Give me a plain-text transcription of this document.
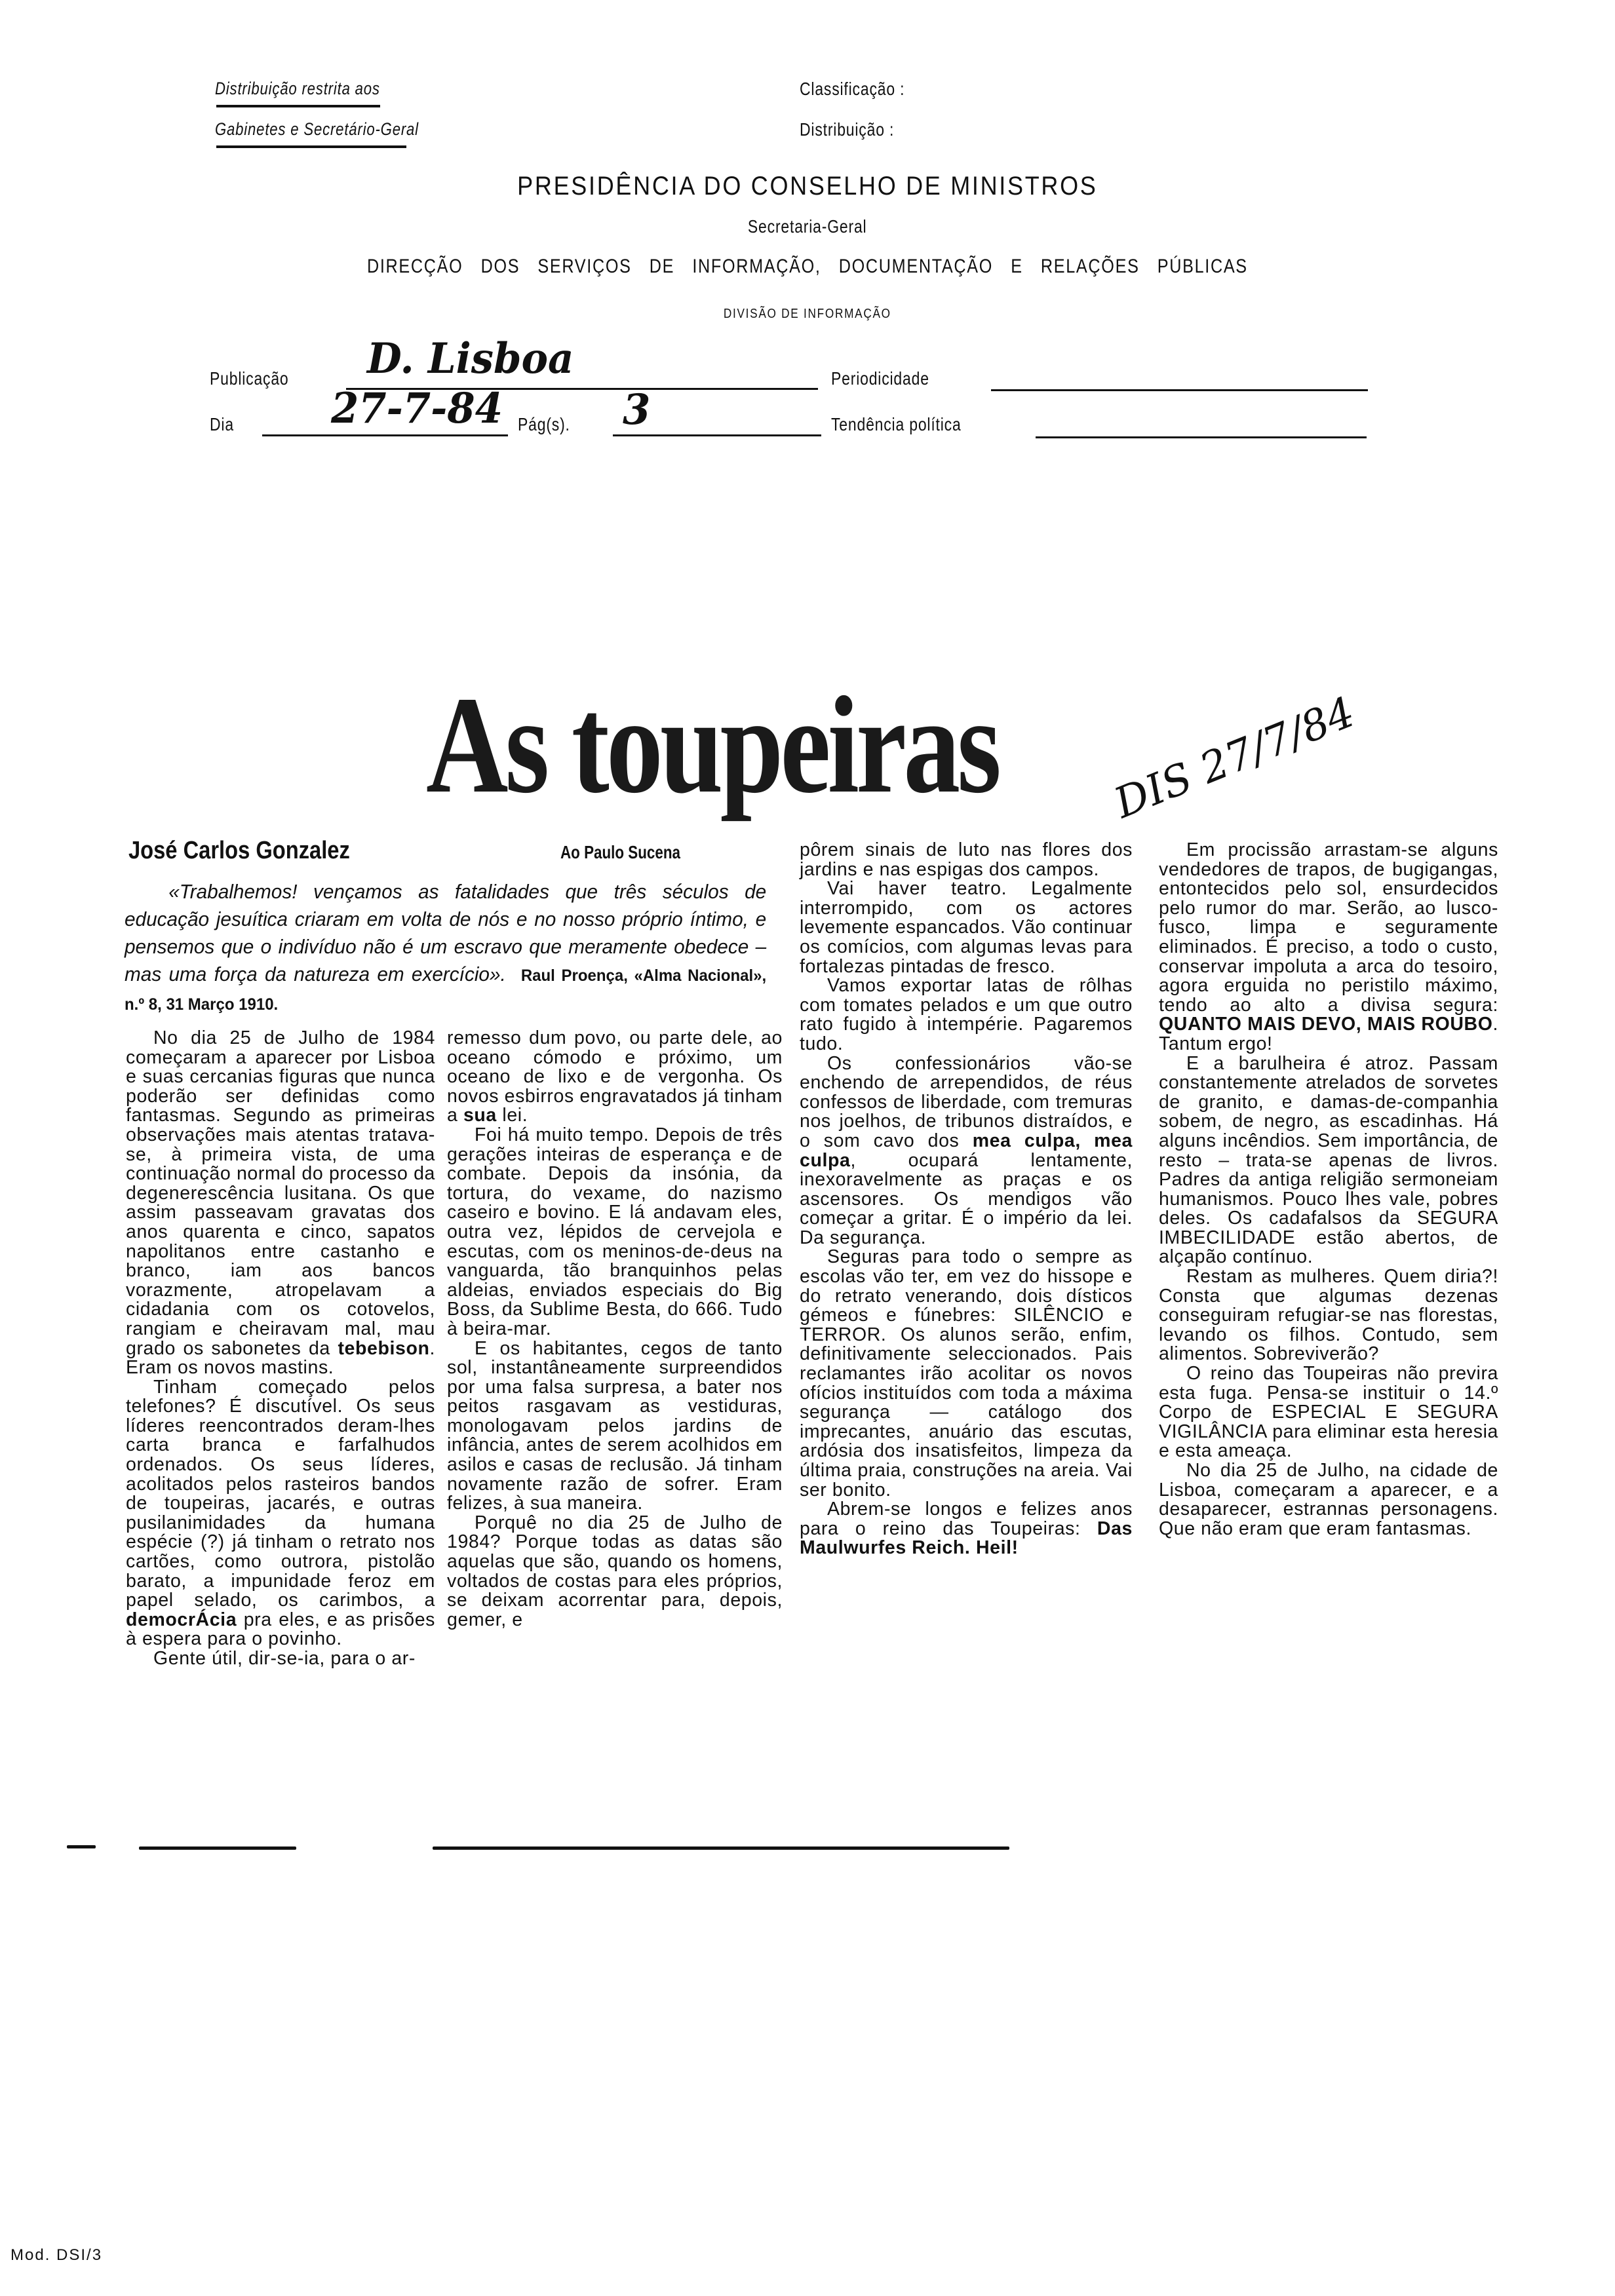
Distribuição restrita aos
Gabinetes e Secretário-Geral
Classificação :
Distribuição :
PRESIDÊNCIA DO CONSELHO DE MINISTROS
Secretaria-Geral
DIRECÇÃO DOS SERVIÇOS DE INFORMAÇÃO, DOCUMENTAÇÃO E RELAÇÕES PÚBLICAS
DIVISÃO DE INFORMAÇÃO
Publicação D. Lisboa	Periodicidade
Dia 27-7-84 Pág(s). 3	Tendência política
As toupeiras	DIS 27/7/84
José Carlos Gonzalez	Ao Paulo Sucena
«Trabalhemos! vençamos as fatalidades que três séculos de educação jesuítica criaram em volta de nós e no nosso próprio íntimo, e pensemos que o indivíduo não é um escravo que meramente obedece – mas uma força da natureza em exercício». Raul Proença, «Alma Nacional», n.º 8, 31 Março 1910.

No dia 25 de Julho de 1984 começaram a aparecer por Lisboa e suas cercanias figuras que nunca poderão ser definidas como fantasmas. Segundo as primeiras observações mais atentas tratava-se, à primeira vista, de uma continuação normal do processo da degenerescência lusitana. Os que assim passeavam gravatas dos anos quarenta e cinco, sapatos napolitanos entre castanho e branco, iam aos bancos vorazmente, atropelavam a cidadania com os cotovelos, rangiam e cheiravam mal, mau grado os sabonetes da tebebison. Eram os novos mastins.

Tinham começado pelos telefones? É discutível. Os seus líderes reencontrados deram-lhes carta branca e farfalhudos ordenados. Os seus líderes, acolitados pelos rasteiros bandos de toupeiras, jacarés, e outras pusilanimidades da humana espécie (?) já tinham o retrato nos cartões, como outrora, pistolão barato, a impunidade feroz em papel selado, os carimbos, a democrÁcia pra eles, e as prisões à espera para o povinho.

Gente útil, dir-se-ia, para o ar-

remesso dum povo, ou parte dele, ao oceano cómodo e próximo, um oceano de lixo e de vergonha. Os novos esbirros engravatados já tinham a sua lei.

Foi há muito tempo. Depois de três gerações inteiras de esperança e de combate. Depois da insónia, da tortura, do vexame, do nazismo caseiro e bovino. E lá andavam eles, outra vez, lépidos de cervejola e escutas, com os meninos-de-deus na vanguarda, tão branquinhos pelas aldeias, enviados especiais do Big Boss, da Sublime Besta, do 666. Tudo à beira-mar.

E os habitantes, cegos de tanto sol, instantâneamente surpreendidos por uma falsa surpresa, a bater nos peitos rasgavam as vestiduras, monologavam pelos jardins de infância, antes de serem acolhidos em asilos e casas de reclusão. Já tinham novamente razão de sofrer. Eram felizes, à sua maneira.

Porquê no dia 25 de Julho de 1984? Porque todas as datas são aquelas que são, quando os homens, voltados de costas para eles próprios, se deixam acorrentar para, depois, gemer, e

pôrem sinais de luto nas flores dos jardins e nas espigas dos campos.

Vai haver teatro. Legalmente interrompido, com os actores levemente espancados. Vão continuar os comícios, com algumas levas para fortalezas pintadas de fresco.

Vamos exportar latas de rôlhas com tomates pelados e um que outro rato fugido à intempérie. Pagaremos tudo.

Os confessionários vão-se enchendo de arrependidos, de réus confessos de liberdade, com tremuras nos joelhos, de tribunos distraídos, e o som cavo dos mea culpa, mea culpa, ocupará lentamente, inexoravelmente as praças e os ascensores. Os mendigos vão começar a gritar. É o império da lei. Da segurança.

Seguras para todo o sempre as escolas vão ter, em vez do hissope e do retrato venerando, dois dísticos gémeos e fúnebres: SILÊNCIO e TERROR. Os alunos serão, enfim, definitivamente seleccionados. Pais reclamantes irão acolitar os novos ofícios instituídos com toda a máxima segurança — catálogo dos imprecantes, anuário das escutas, ardósia dos insatisfeitos, limpeza da última praia, construções na areia. Vai ser bonito.

Abrem-se longos e felizes anos para o reino das Toupeiras: Das Maulwurfes Reich. Heil!

Em procissão arrastam-se alguns vendedores de trapos, de bugigangas, entontecidos pelo sol, ensurdecidos pelo rumor do mar. Serão, ao lusco-fusco, limpa e seguramente eliminados. É preciso, a todo o custo, conservar impoluta a arca do tesoiro, agora erguida no peristilo máximo, tendo ao alto a divisa segura: QUANTO MAIS DEVO, MAIS ROUBO. Tantum ergo!

E a barulheira é atroz. Passam constantemente atrelados de sorvetes de granito, e damas-de-companhia sobem, de negro, as escadinhas. Há alguns incêndios. Sem importância, de resto – trata-se apenas de livros. Padres da antiga religião sermoneiam humanismos. Pouco lhes vale, pobres deles. Os cadafalsos da SEGURA IMBECILIDADE estão abertos, de alçapão contínuo.

Restam as mulheres. Quem diria?! Consta que algumas dezenas conseguiram refugiar-se nas florestas, levando os filhos. Contudo, sem alimentos. Sobreviverão?

O reino das Toupeiras não previra esta fuga. Pensa-se instituir o 14.º Corpo de ESPECIAL E SEGURA VIGILÂNCIA para eliminar esta heresia e esta ameaça.

No dia 25 de Julho, na cidade de Lisboa, começaram a aparecer, e a desaparecer, estrannas personagens. Que não eram que eram fantasmas.

Mod. DSI/3
